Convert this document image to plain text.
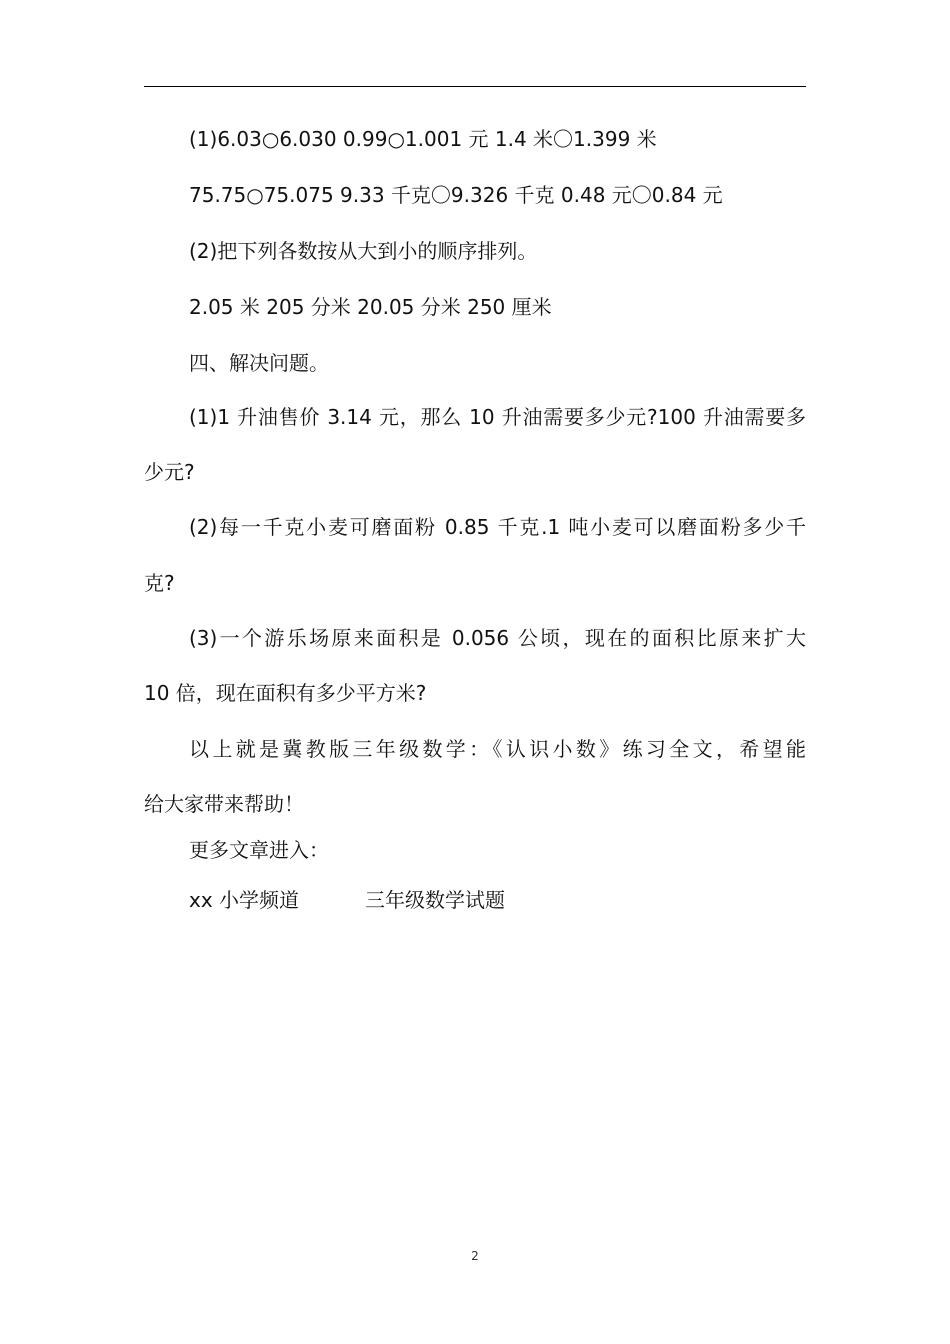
(1)6.03○6.030 0.99○1.001 元 1.4 米〇1.399 米
75.75○75.075 9.33 千克〇9.326 千克 0.48 元〇0.84 元
(2)把下列各数按从大到小的顺序排列。
2.05 米 205 分米 20.05 分米 250 厘米
四、解决问题。
(1)1 升油售价 3.14 元，那么 10 升油需要多少元?100 升油需要多
少元?
(2)每一千克小麦可磨面粉 0.85 千克.1 吨小麦可以磨面粉多少千
克?
(3)一个游乐场原来面积是 0.056 公顷，现在的面积比原来扩大
10 倍，现在面积有多少平方米?
以上就是冀教版三年级数学：《认识小数》练习全文，希望能
给大家带来帮助！
更多文章进入：
xx 小学频道	三年级数学试题
2
